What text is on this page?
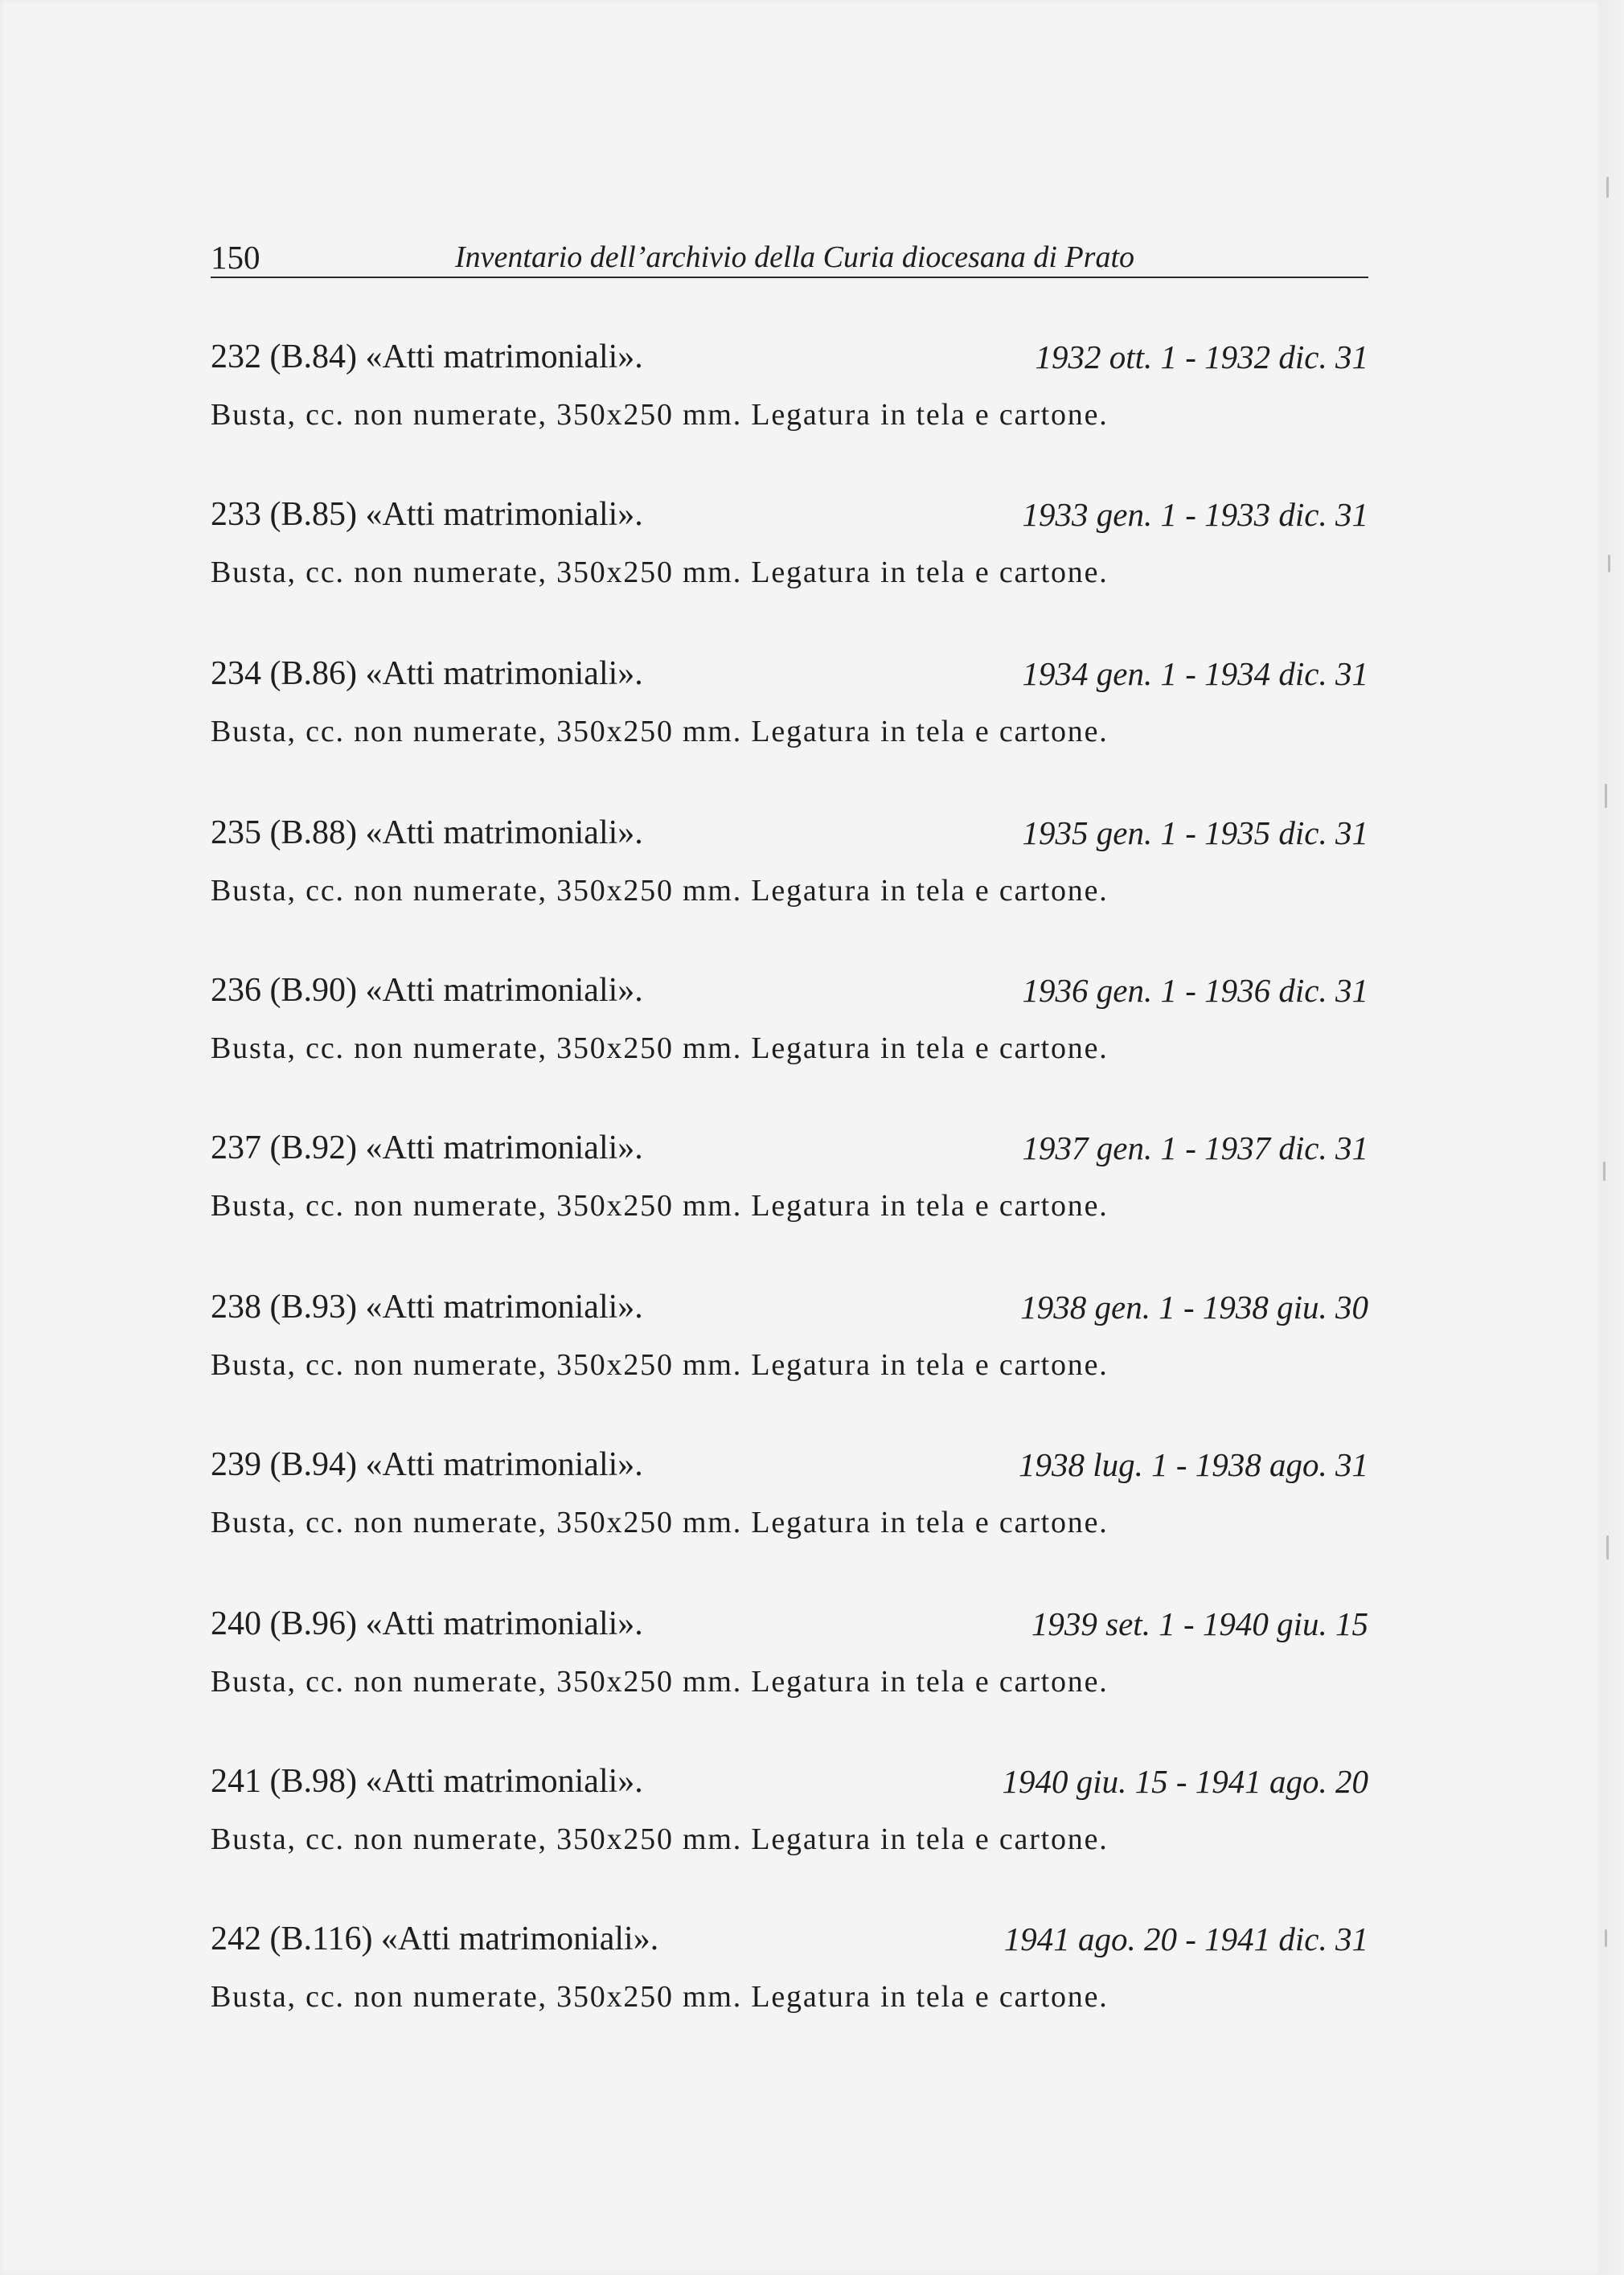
150	Inventario dell’archivio della Curia diocesana di Prato
232 (B.84) «Atti matrimoniali».	1932 ott. 1 - 1932 dic. 31
Busta, cc. non numerate, 350x250 mm. Legatura in tela e cartone.
233 (B.85) «Atti matrimoniali».	1933 gen. 1 - 1933 dic. 31
Busta, cc. non numerate, 350x250 mm. Legatura in tela e cartone.
234 (B.86) «Atti matrimoniali».	1934 gen. 1 - 1934 dic. 31
Busta, cc. non numerate, 350x250 mm. Legatura in tela e cartone.
235 (B.88) «Atti matrimoniali».	1935 gen. 1 - 1935 dic. 31
Busta, cc. non numerate, 350x250 mm. Legatura in tela e cartone.
236 (B.90) «Atti matrimoniali».	1936 gen. 1 - 1936 dic. 31
Busta, cc. non numerate, 350x250 mm. Legatura in tela e cartone.
237 (B.92) «Atti matrimoniali».	1937 gen. 1 - 1937 dic. 31
Busta, cc. non numerate, 350x250 mm. Legatura in tela e cartone.
238 (B.93) «Atti matrimoniali».	1938 gen. 1 - 1938 giu. 30
Busta, cc. non numerate, 350x250 mm. Legatura in tela e cartone.
239 (B.94) «Atti matrimoniali».	1938 lug. 1 - 1938 ago. 31
Busta, cc. non numerate, 350x250 mm. Legatura in tela e cartone.
240 (B.96) «Atti matrimoniali».	1939 set. 1 - 1940 giu. 15
Busta, cc. non numerate, 350x250 mm. Legatura in tela e cartone.
241 (B.98) «Atti matrimoniali».	1940 giu. 15 - 1941 ago. 20
Busta, cc. non numerate, 350x250 mm. Legatura in tela e cartone.
242 (B.116) «Atti matrimoniali».	1941 ago. 20 - 1941 dic. 31
Busta, cc. non numerate, 350x250 mm. Legatura in tela e cartone.
